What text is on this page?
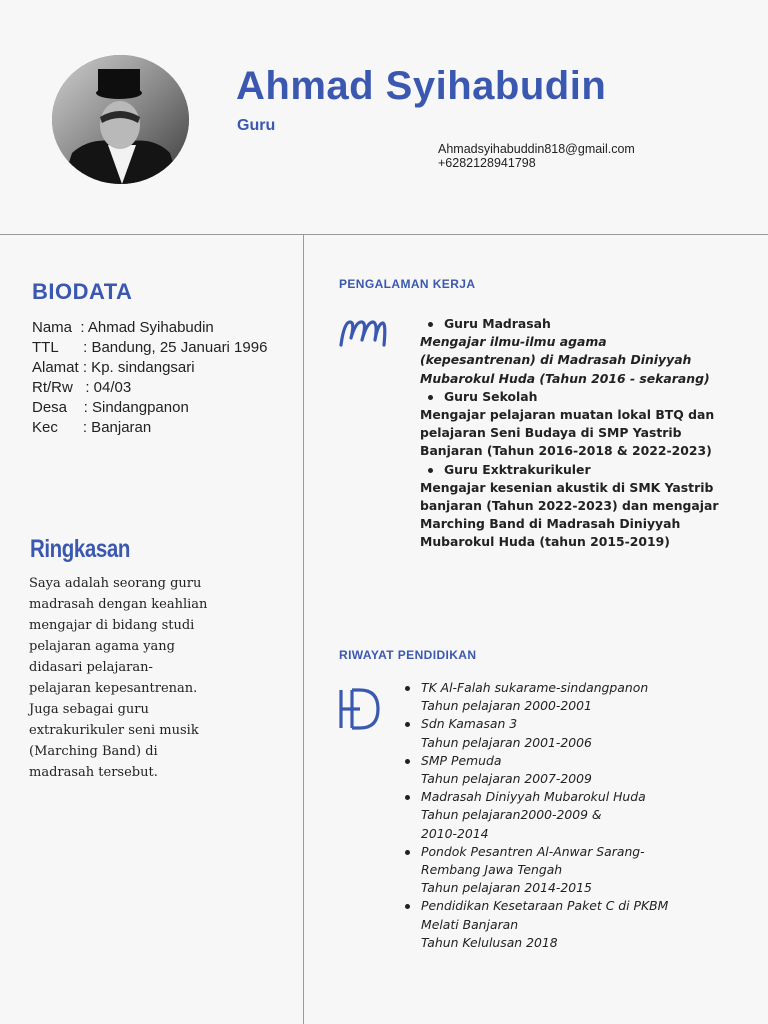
Ahmad Syihabudin
Guru
Ahmadsyihabuddin818@gmail.com
+6282128941798
BIODATA
Nama  : Ahmad Syihabudin
TTL      : Bandung, 25 Januari 1996
Alamat : Kp. sindangsari
Rt/Rw   : 04/03
Desa    : Sindangpanon
Kec      : Banjaran
Ringkasan
Saya adalah seorang guru madrasah dengan keahlian mengajar di bidang studi pelajaran agama yang didasari pelajaran-pelajaran kepesantrenan. Juga sebagai guru extrakurikuler seni musik (Marching Band) di madrasah tersebut.
PENGALAMAN KERJA
Guru Madrasah
Mengajar ilmu-ilmu agama (kepesantrenan) di Madrasah Diniyyah Mubarokul Huda (Tahun 2016 - sekarang)
Guru Sekolah
Mengajar pelajaran muatan lokal BTQ dan pelajaran Seni Budaya di SMP Yastrib Banjaran (Tahun 2016-2018 & 2022-2023)
Guru Exktrakurikuler
Mengajar kesenian akustik di SMK Yastrib banjaran (Tahun 2022-2023) dan mengajar Marching Band di Madrasah Diniyyah Mubarokul Huda (tahun 2015-2019)
RIWAYAT PENDIDIKAN
TK Al-Falah sukarame-sindangpanon
Tahun pelajaran 2000-2001
Sdn Kamasan 3
Tahun pelajaran 2001-2006
SMP Pemuda
Tahun pelajaran 2007-2009
Madrasah Diniyyah Mubarokul Huda
Tahun pelajaran2000-2009 &
2010-2014
Pondok Pesantren Al-Anwar Sarang-
Rembang Jawa Tengah
Tahun pelajaran 2014-2015
Pendidikan Kesetaraan Paket C di PKBM
Melati Banjaran
Tahun Kelulusan 2018
